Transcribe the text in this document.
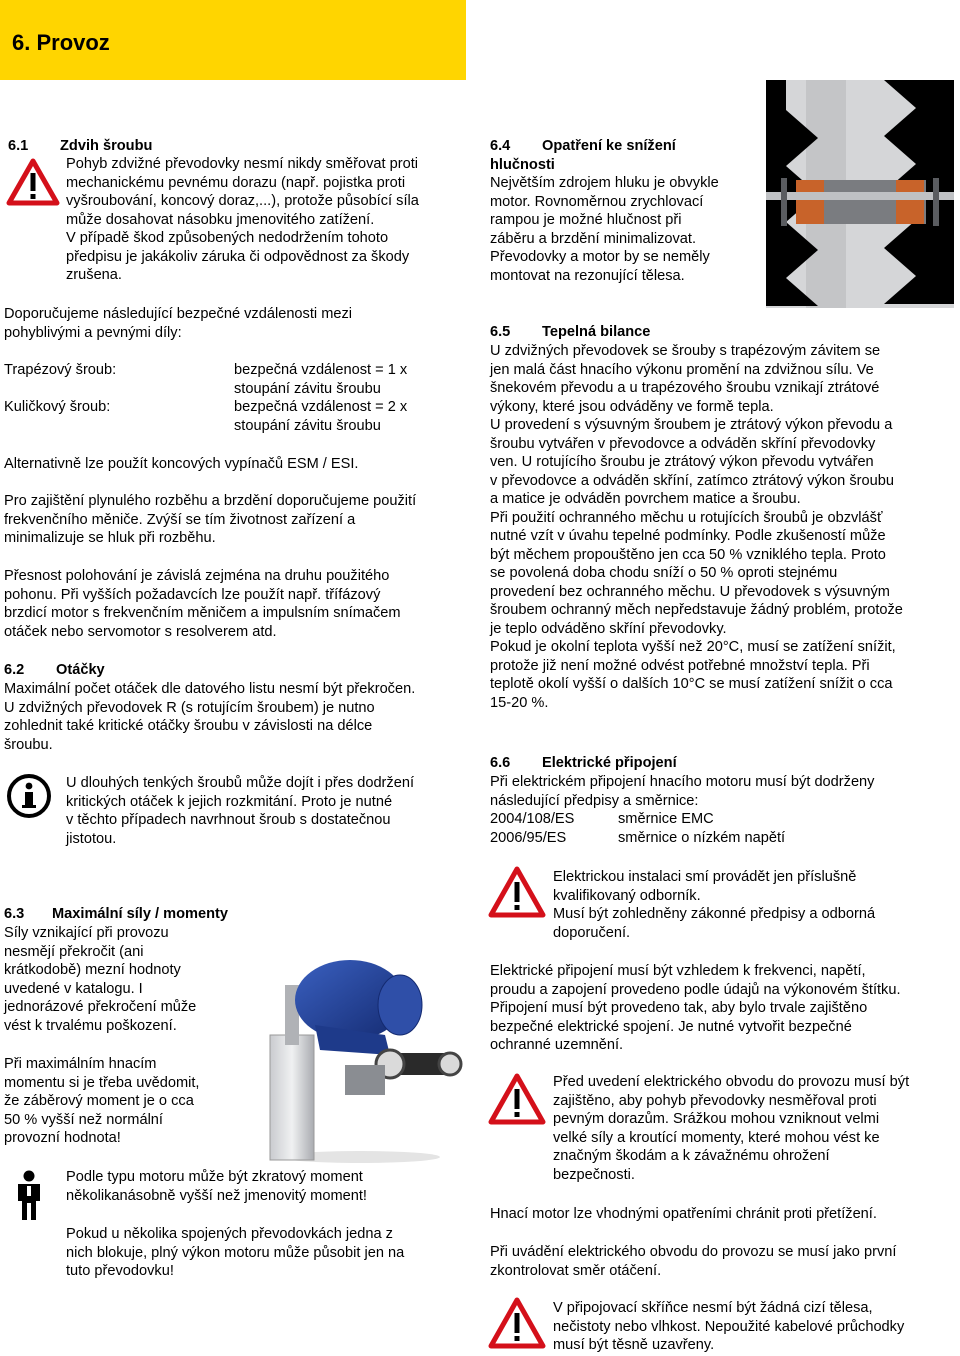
6. Provoz
6.1 Zdvih šroubu
Pohyb zdvižné převodovky nesmí nikdy směřovat proti
mechanickému pevnému dorazu (např. pojistka proti
vyšroubování, koncový doraz,...), protože působící síla
může dosahovat násobku jmenovitého zatížení.
V případě škod způsobených nedodržením tohoto
předpisu je jakákoliv záruka či odpovědnost za škody
zrušena.
Doporučujeme následující bezpečné vzdálenosti mezi
pohyblivými a pevnými díly:
Trapézový šroub:	bezpečná vzdálenost = 1 x
stoupání závitu šroubu
Kuličkový šroub:	bezpečná vzdálenost = 2 x
stoupání závitu šroubu
Alternativně lze použít koncových vypínačů ESM / ESI.
Pro zajištění plynulého rozběhu a brzdění doporučujeme použití
frekvenčního měniče. Zvýší se tím životnost zařízení a
minimalizuje se hluk při rozběhu.
Přesnost polohování je závislá zejména na druhu použitého
pohonu. Při vyšších požadavcích lze použít např. třífázový
brzdicí motor s frekvenčním měničem a impulsním snímačem
otáček nebo servomotor s resolverem atd.
6.2 Otáčky
Maximální počet otáček dle datového listu nesmí být překročen.
U zdvižných převodovek R (s rotujícím šroubem) je nutno
zohlednit také kritické otáčky šroubu v závislosti na délce
šroubu.
U dlouhých tenkých šroubů může dojít i přes dodržení
kritických otáček k jejich rozkmitání. Proto je nutné
v těchto případech navrhnout šroub s dostatečnou
jistotou.
6.3 Maximální síly / momenty
Síly vznikající při provozu
nesmějí překročit (ani
krátkodobě) mezní hodnoty
uvedené v katalogu. I
jednorázové překročení může
vést k trvalému poškození.
Při maximálním hnacím
momentu si je třeba uvědomit,
že záběrový moment je o cca
50 % vyšší než normální
provozní hodnota!
Podle typu motoru může být zkratový moment
několikanásobně vyšší než jmenovitý moment!
Pokud u několika spojených převodovkách jedna z
nich blokuje, plný výkon motoru může působit jen na
tuto převodovku!
6.4 Opatření ke snížení
hlučnosti
Největším zdrojem hluku je obvykle
motor. Rovnoměrnou zrychlovací
rampou je možné hlučnost při
záběru a brzdění minimalizovat.
Převodovky a motor by se neměly
montovat na rezonující tělesa.
6.5 Tepelná bilance
U zdvižných převodovek se šrouby s trapézovým závitem se
jen malá část hnacího výkonu promění na zdvižnou sílu. Ve
šnekovém převodu a u trapézového šroubu vznikají ztrátové
výkony, které jsou odváděny ve formě tepla.
U provedení s výsuvným šroubem je ztrátový výkon převodu a
šroubu vytvářen v převodovce a odváděn skříní převodovky
ven. U rotujícího šroubu je ztrátový výkon převodu vytvářen
v převodovce a odváděn skříní, zatímco ztrátový výkon šroubu
a matice je odváděn povrchem matice a šroubu.
Při použití ochranného měchu u rotujících šroubů je obzvlášť
nutné vzít v úvahu tepelné podmínky. Podle zkušeností může
být měchem propouštěno jen cca 50 % vzniklého tepla. Proto
se povolená doba chodu sníží o 50 % oproti stejnému
provedení bez ochranného měchu. U převodovek s výsuvným
šroubem ochranný měch nepředstavuje žádný problém, protože
je teplo odváděno skříní převodovky.
Pokud je okolní teplota vyšší než 20°C, musí se zatížení snížit,
protože již není možné odvést potřebné množství tepla. Při
teplotě okolí vyšší o dalších 10°C se musí zatížení snížit o cca
15-20 %.
6.6 Elektrické připojení
Při elektrickém připojení hnacího motoru musí být dodrženy
následující předpisy a směrnice:
2004/108/ES	směrnice EMC
2006/95/ES	směrnice o nízkém napětí
Elektrickou instalaci smí provádět jen příslušně
kvalifikovaný odborník.
Musí být zohledněny zákonné předpisy a odborná
doporučení.
Elektrické připojení musí být vzhledem k frekvenci, napětí,
proudu a zapojení provedeno podle údajů na výkonovém štítku.
Připojení musí být provedeno tak, aby bylo trvale zajištěno
bezpečné elektrické spojení. Je nutné vytvořit bezpečné
ochranné uzemnění.
Před uvedení elektrického obvodu do provozu musí být
zajištěno, aby pohyb převodovky nesměřoval proti
pevným dorazům. Srážkou mohou vzniknout velmi
velké síly a kroutící momenty, které mohou vést ke
značným škodám a k závažnému ohrožení
bezpečnosti.
Hnací motor lze vhodnými opatřeními chránit proti přetížení.
Při uvádění elektrického obvodu do provozu se musí jako první
zkontrolovat směr otáčení.
V připojovací skříňce nesmí být žádná cizí tělesa,
nečistoty nebo vlhkost. Nepoužité kabelové průchodky
musí být těsně uzavřeny.
